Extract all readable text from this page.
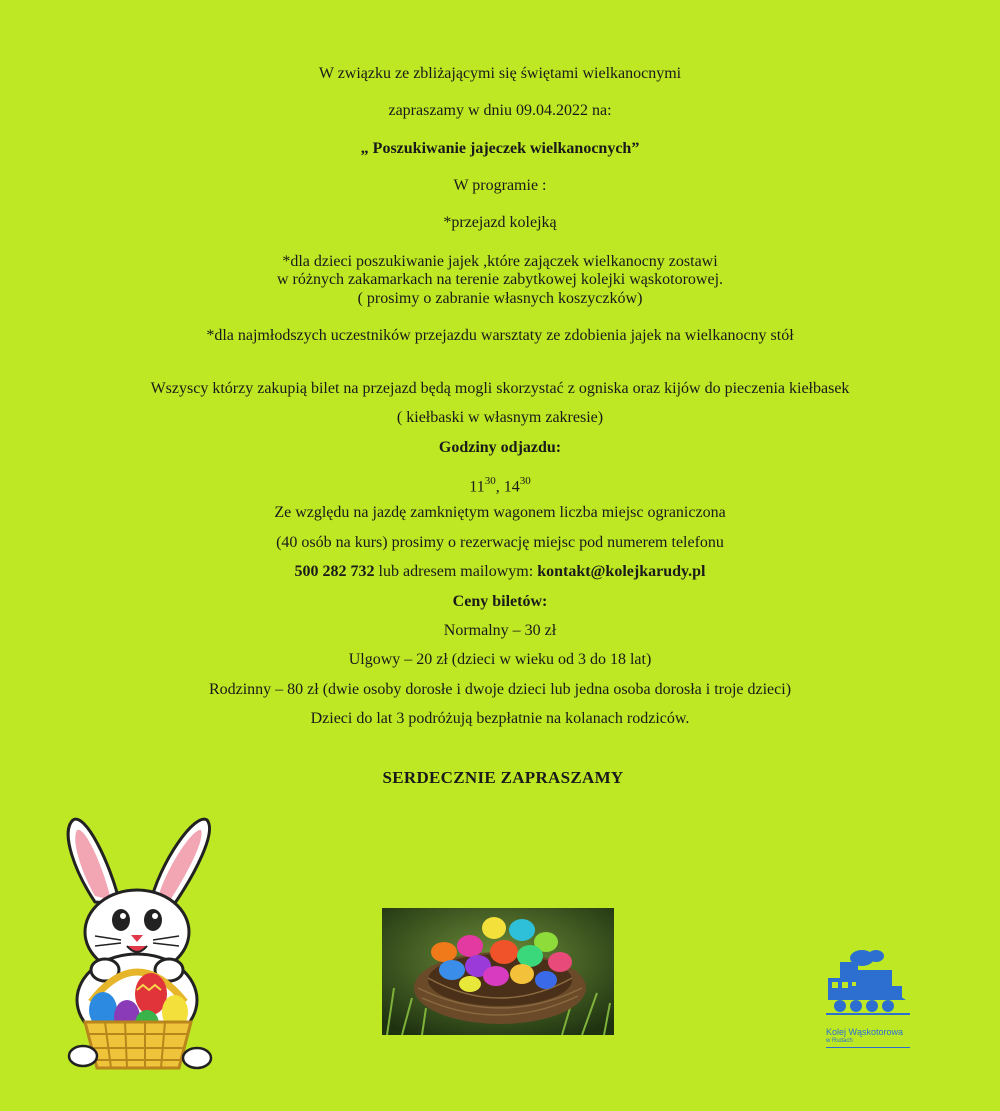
W związku ze zbliżającymi się świętami wielkanocnymi
zapraszamy w dniu 09.04.2022 na:
„ Poszukiwanie jajeczek wielkanocnych”
W programie :
*przejazd kolejką
*dla dzieci poszukiwanie jajek ,które zajączek wielkanocny zostawi
w różnych zakamarkach na terenie zabytkowej kolejki wąskotorowej.
( prosimy o zabranie własnych koszyczków)
*dla najmłodszych uczestników przejazdu warsztaty ze zdobienia jajek na wielkanocny stół
Wszyscy którzy zakupią bilet na przejazd będą mogli skorzystać z ogniska oraz kijów do pieczenia kiełbasek
( kiełbaski w własnym zakresie)
Godziny odjazdu:
$11^{30}$, $14^{30}$
Ze względu na jazdę zamkniętym wagonem liczba miejsc ograniczona
(40 osób na kurs) prosimy o rezerwację miejsc pod numerem telefonu
500 282 732 lub adresem mailowym: kontakt@kolejkarudy.pl
Ceny biletów:
Normalny – 30 zł
Ulgowy – 20 zł (dzieci w wieku od 3 do 18 lat)
Rodzinny – 80 zł (dwie osoby dorosłe i dwoje dzieci lub jedna osoba dorosła i troje dzieci)
Dzieci do lat 3 podróżują bezpłatnie na kolanach rodziców.
SERDECZNIE ZAPRASZAMY
Kolej Wąskotorowa
w Rudach
